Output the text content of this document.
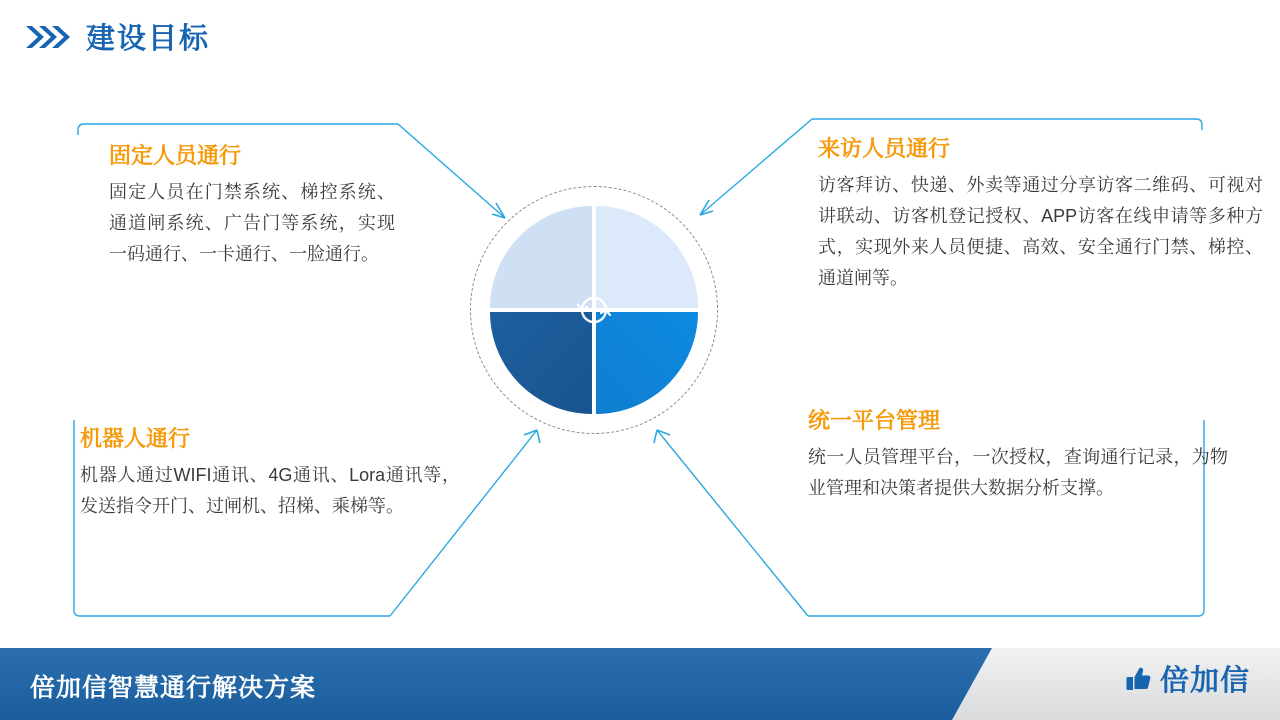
建设目标
固定人员通行

固定人员在门禁系统、梯控系统、通道闸系统、广告门等系统，实现一码通行、一卡通行、一脸通行。

来访人员通行

访客拜访、快递、外卖等通过分享访客二维码、可视对讲联动、访客机登记授权、APP访客在线申请等多种方式，实现外来人员便捷、高效、安全通行门禁、梯控、通道闸等。

机器人通行

机器人通过WIFI通讯、4G通讯、Lora通讯等，发送指令开门、过闸机、招梯、乘梯等。

统一平台管理

统一人员管理平台，一次授权，查询通行记录，为物业管理和决策者提供大数据分析支撑。

倍加信智慧通行解决方案	倍加信
